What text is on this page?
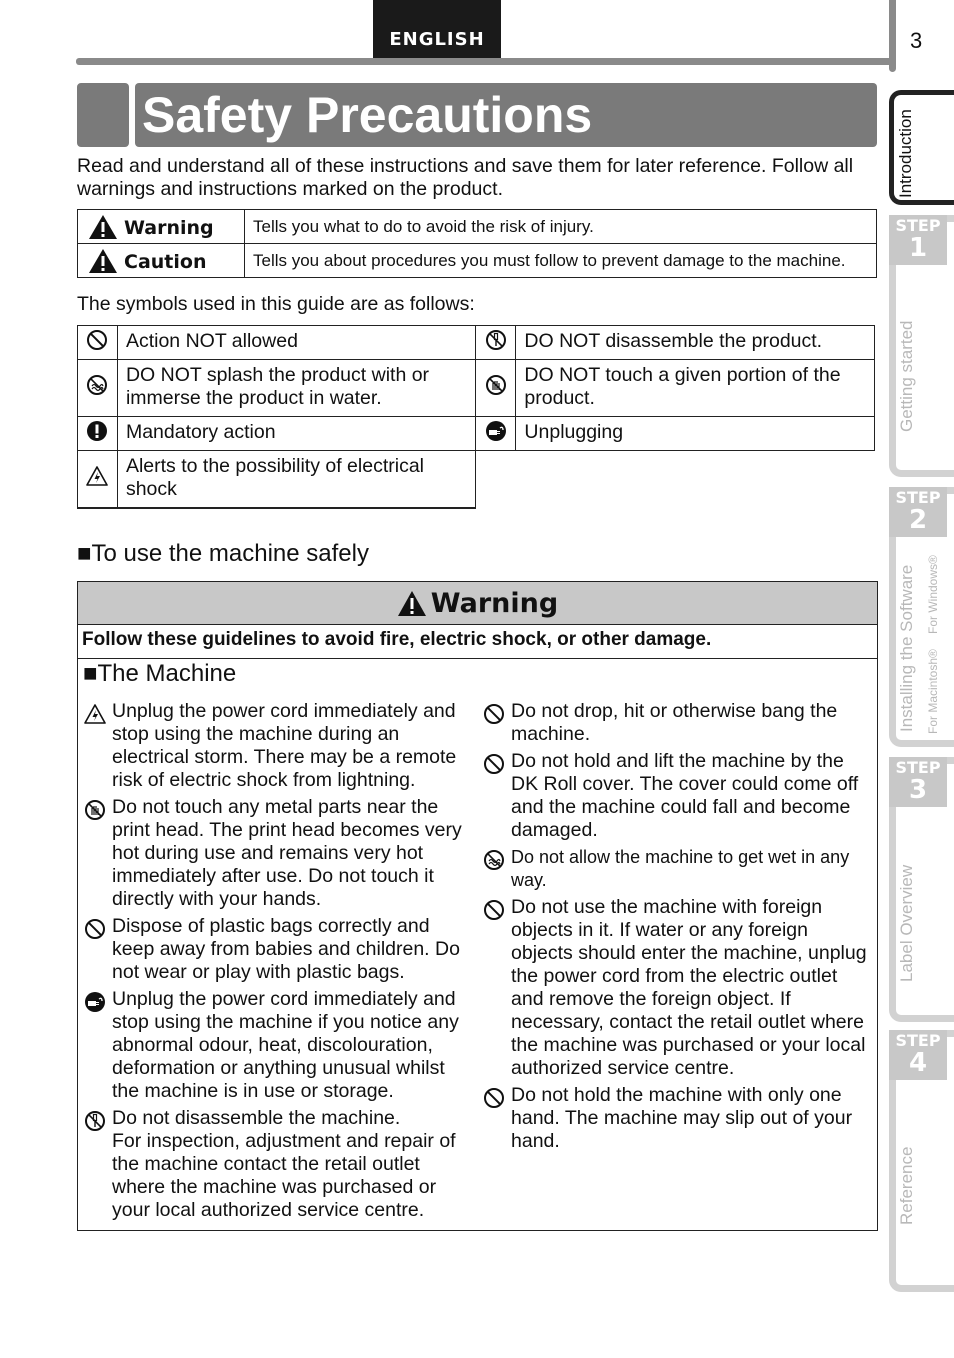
ENGLISH	3
Safety Precautions

Read and understand all of these instructions and save them for later reference. Follow all warnings and instructions marked on the product.

Warning	Tells you what to do to avoid the risk of injury.
Caution	Tells you about procedures you must follow to prevent damage to the machine.

The symbols used in this guide are as follows:

	Action NOT allowed		DO NOT disassemble the product.
	DO NOT splash the product with or immerse the product in water.		DO NOT touch a given portion of the product.
	Mandatory action		Unplugging
	Alerts to the possibility of electrical shock		
■To use the machine safely
Warning
Follow these guidelines to avoid fire, electric shock, or other damage.
■The Machine
Unplug the power cord immediately and stop using the machine during an electrical storm. There may be a remote risk of electric shock from lightning.
Do not touch any metal parts near the print head. The print head becomes very hot during use and remains very hot immediately after use. Do not touch it directly with your hands.
Dispose of plastic bags correctly and keep away from babies and children. Do not wear or play with plastic bags.
Unplug the power cord immediately and stop using the machine if you notice any abnormal odour, heat, discolouration, deformation or anything unusual whilst the machine is in use or storage.
Do not disassemble the machine.
For inspection, adjustment and repair of the machine contact the retail outlet where the machine was purchased or your local authorized service centre.
Do not drop, hit or otherwise bang the machine.
Do not hold and lift the machine by the DK Roll cover. The cover could come off and the machine could fall and become damaged.
Do not allow the machine to get wet in any way.
Do not use the machine with foreign objects in it. If water or any foreign objects should enter the machine, unplug the power cord from the electric outlet and remove the foreign object. If necessary, contact the retail outlet where the machine was purchased or your local authorized service centre.
Do not hold the machine with only one hand. The machine may slip out of your hand.
Introduction
STEP
1
Getting started
STEP
2
Installing the Software For Windows®
For Macintosh®
STEP
3
Label Overview
STEP
4
Reference
